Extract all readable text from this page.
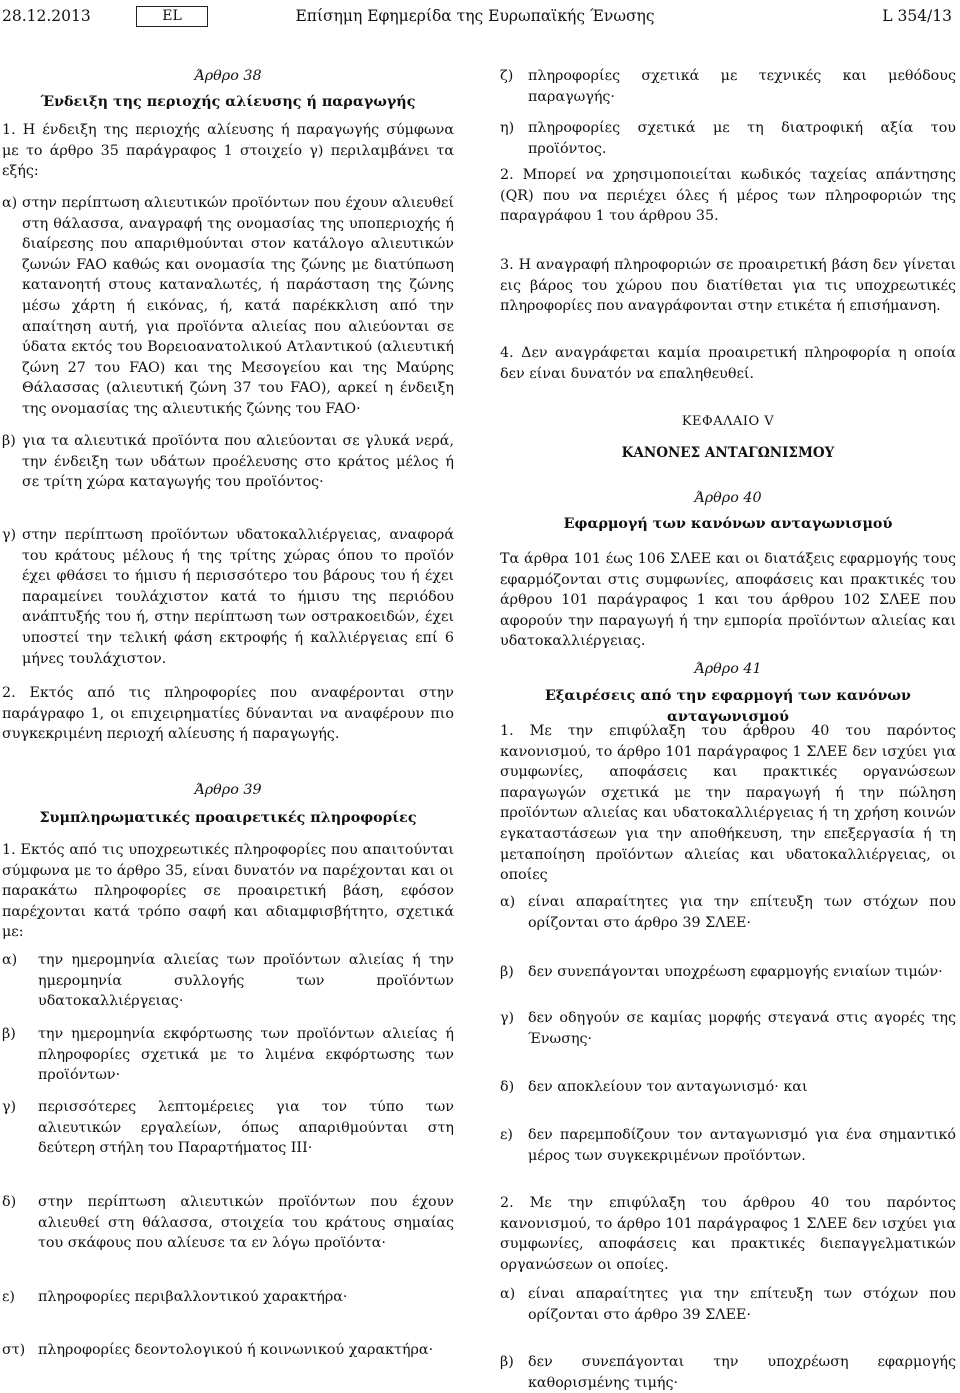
28.12.2013	EL	Επίσημη Εφημερίδα της Ευρωπαϊκής Ένωσης	L 354/13

Άρθρο 38

Ένδειξη της περιοχής αλίευσης ή παραγωγής

1. Η ένδειξη της περιοχής αλίευσης ή παραγωγής σύμφωνα με το άρθρο 35 παράγραφος 1 στοιχείο γ) περιλαμβάνει τα εξής:

α) στην περίπτωση αλιευτικών προϊόντων που έχουν αλιευθεί στη θάλασσα, αναγραφή της ονομασίας της υποπεριοχής ή διαίρεσης που απαριθμούνται στον κατάλογο αλιευτικών ζωνών FAO καθώς και ονομασία της ζώνης με διατύπωση κατανοητή στους καταναλωτές, ή παράσταση της ζώνης μέσω χάρτη ή εικόνας, ή, κατά παρέκκλιση από την απαίτηση αυτή, για προϊόντα αλιείας που αλιεύονται σε ύδατα εκτός του Βορειοανατολικού Ατλαντικού (αλιευτική ζώνη 27 του FAO) και της Μεσογείου και της Μαύρης Θάλασσας (αλιευτική ζώνη 37 του FAO), αρκεί η ένδειξη της ονομασίας της αλιευτικής ζώνης του FAO·

β) για τα αλιευτικά προϊόντα που αλιεύονται σε γλυκά νερά, την ένδειξη των υδάτων προέλευσης στο κράτος μέλος ή σε τρίτη χώρα καταγωγής του προϊόντος·

γ) στην περίπτωση προϊόντων υδατοκαλλιέργειας, αναφορά του κράτους μέλους ή της τρίτης χώρας όπου το προϊόν έχει φθάσει το ήμισυ ή περισσότερο του βάρους του ή έχει παραμείνει τουλάχιστον κατά το ήμισυ της περιόδου ανάπτυξής του ή, στην περίπτωση των οστρακοειδών, έχει υποστεί την τελική φάση εκτροφής ή καλλιέργειας επί 6 μήνες τουλάχιστον.

2. Εκτός από τις πληροφορίες που αναφέρονται στην παράγραφο 1, οι επιχειρηματίες δύνανται να αναφέρουν πιο συγκεκριμένη περιοχή αλίευσης ή παραγωγής.

Άρθρο 39

Συμπληρωματικές προαιρετικές πληροφορίες

1. Εκτός από τις υποχρεωτικές πληροφορίες που απαιτούνται σύμφωνα με το άρθρο 35, είναι δυνατόν να παρέχονται και οι παρακάτω πληροφορίες σε προαιρετική βάση, εφόσον παρέχονται κατά τρόπο σαφή και αδιαμφισβήτητο, σχετικά με:

α)	την ημερομηνία αλιείας των προϊόντων αλιείας ή την ημερομηνία συλλογής των προϊόντων υδατοκαλλιέργειας·

β)	την ημερομηνία εκφόρτωσης των προϊόντων αλιείας ή πληροφορίες σχετικά με το λιμένα εκφόρτωσης των προϊόντων·

γ)	περισσότερες λεπτομέρειες για τον τύπο των αλιευτικών εργαλείων, όπως απαριθμούνται στη δεύτερη στήλη του Παραρτήματος III·

δ)	στην περίπτωση αλιευτικών προϊόντων που έχουν αλιευθεί στη θάλασσα, στοιχεία του κράτους σημαίας του σκάφους που αλίευσε τα εν λόγω προϊόντα·

ε)	πληροφορίες περιβαλλοντικού χαρακτήρα·

στ) πληροφορίες δεοντολογικού ή κοινωνικού χαρακτήρα·

ζ)	πληροφορίες σχετικά με τεχνικές και μεθόδους παραγωγής·

η) πληροφορίες σχετικά με τη διατροφική αξία του προϊόντος.

2. Μπορεί να χρησιμοποιείται κωδικός ταχείας απάντησης (QR) που να περιέχει όλες ή μέρος των πληροφοριών της παραγράφου 1 του άρθρου 35.

3. Η αναγραφή πληροφοριών σε προαιρετική βάση δεν γίνεται εις βάρος του χώρου που διατίθεται για τις υποχρεωτικές πληροφορίες που αναγράφονται στην ετικέτα ή επισήμανση.

4. Δεν αναγράφεται καμία προαιρετική πληροφορία η οποία δεν είναι δυνατόν να επαληθευθεί.

ΚΕΦΑΛΑΙΟ V

ΚΑΝΟΝΕΣ ΑΝΤΑΓΩΝΙΣΜΟΥ

Άρθρο 40

Εφαρμογή των κανόνων ανταγωνισμού

Τα άρθρα 101 έως 106 ΣΛΕΕ και οι διατάξεις εφαρμογής τους εφαρμόζονται στις συμφωνίες, αποφάσεις και πρακτικές του άρθρου 101 παράγραφος 1 και του άρθρου 102 ΣΛΕΕ που αφορούν την παραγωγή ή την εμπορία προϊόντων αλιείας και υδατοκαλλιέργειας.

Άρθρο 41

Εξαιρέσεις από την εφαρμογή των κανόνων ανταγωνισμού

1. Με την επιφύλαξη του άρθρου 40 του παρόντος κανονισμού, το άρθρο 101 παράγραφος 1 ΣΛΕΕ δεν ισχύει για συμφωνίες, αποφάσεις και πρακτικές οργανώσεων παραγωγών σχετικά με την παραγωγή ή την πώληση προϊόντων αλιείας και υδατοκαλλιέργειας ή τη χρήση κοινών εγκαταστάσεων για την αποθήκευση, την επεξεργασία ή τη μεταποίηση προϊόντων αλιείας και υδατοκαλλιέργειας, οι οποίες

α) είναι απαραίτητες για την επίτευξη των στόχων που ορίζονται στο άρθρο 39 ΣΛΕΕ·

β) δεν συνεπάγονται υποχρέωση εφαρμογής ενιαίων τιμών·

γ) δεν οδηγούν σε καμίας μορφής στεγανά στις αγορές της Ένωσης·

δ) δεν αποκλείουν τον ανταγωνισμό· και

ε)	δεν παρεμποδίζουν τον ανταγωνισμό για ένα σημαντικό μέρος των συγκεκριμένων προϊόντων.

2. Με την επιφύλαξη του άρθρου 40 του παρόντος κανονισμού, το άρθρο 101 παράγραφος 1 ΣΛΕΕ δεν ισχύει για συμφωνίες, αποφάσεις και πρακτικές διεπαγγελματικών οργανώσεων οι οποίες.

α) είναι απαραίτητες για την επίτευξη των στόχων που ορίζονται στο άρθρο 39 ΣΛΕΕ·

β) δεν συνεπάγονται την υποχρέωση εφαρμογής καθορισμένης τιμής·
